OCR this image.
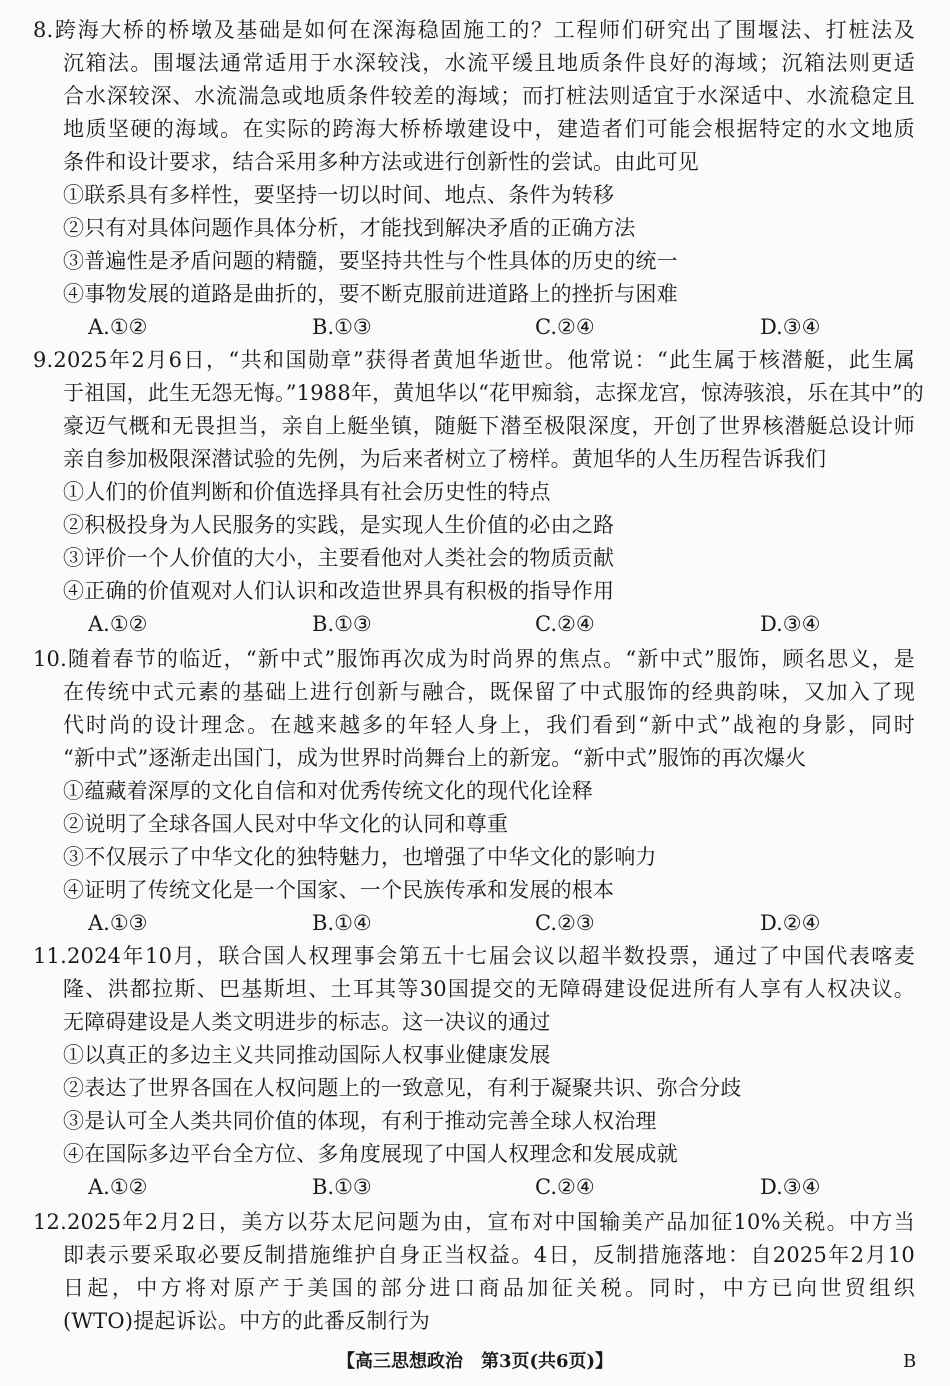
8.跨海大桥的桥墩及基础是如何在深海稳固施工的？工程师们研究出了围堰法、打桩法及
沉箱法。围堰法通常适用于水深较浅，水流平缓且地质条件良好的海域；沉箱法则更适
合水深较深、水流湍急或地质条件较差的海域；而打桩法则适宜于水深适中、水流稳定且
地质坚硬的海域。在实际的跨海大桥桥墩建设中，建造者们可能会根据特定的水文地质
条件和设计要求，结合采用多种方法或进行创新性的尝试。由此可见
①联系具有多样性，要坚持一切以时间、地点、条件为转移
②只有对具体问题作具体分析，才能找到解决矛盾的正确方法
③普遍性是矛盾问题的精髓，要坚持共性与个性具体的历史的统一
④事物发展的道路是曲折的，要不断克服前进道路上的挫折与困难
A.①②	B.①③	C.②④	D.③④
9.2025年2月6日，“共和国勋章”获得者黄旭华逝世。他常说：“此生属于核潜艇，此生属
于祖国，此生无怨无悔。”1988年，黄旭华以“花甲痴翁，志探龙宫，惊涛骇浪，乐在其中”的
豪迈气概和无畏担当，亲自上艇坐镇，随艇下潜至极限深度，开创了世界核潜艇总设计师
亲自参加极限深潜试验的先例，为后来者树立了榜样。黄旭华的人生历程告诉我们
①人们的价值判断和价值选择具有社会历史性的特点
②积极投身为人民服务的实践，是实现人生价值的必由之路
③评价一个人价值的大小，主要看他对人类社会的物质贡献
④正确的价值观对人们认识和改造世界具有积极的指导作用
A.①②	B.①③	C.②④	D.③④
10.随着春节的临近，“新中式”服饰再次成为时尚界的焦点。“新中式”服饰，顾名思义，是
在传统中式元素的基础上进行创新与融合，既保留了中式服饰的经典韵味，又加入了现
代时尚的设计理念。在越来越多的年轻人身上，我们看到“新中式”战袍的身影，同时
“新中式”逐渐走出国门，成为世界时尚舞台上的新宠。“新中式”服饰的再次爆火
①蕴藏着深厚的文化自信和对优秀传统文化的现代化诠释
②说明了全球各国人民对中华文化的认同和尊重
③不仅展示了中华文化的独特魅力，也增强了中华文化的影响力
④证明了传统文化是一个国家、一个民族传承和发展的根本
A.①③	B.①④	C.②③	D.②④
11.2024年10月，联合国人权理事会第五十七届会议以超半数投票，通过了中国代表喀麦
隆、洪都拉斯、巴基斯坦、土耳其等30国提交的无障碍建设促进所有人享有人权决议。
无障碍建设是人类文明进步的标志。这一决议的通过
①以真正的多边主义共同推动国际人权事业健康发展
②表达了世界各国在人权问题上的一致意见，有利于凝聚共识、弥合分歧
③是认可全人类共同价值的体现，有利于推动完善全球人权治理
④在国际多边平台全方位、多角度展现了中国人权理念和发展成就
A.①②	B.①③	C.②④	D.③④
12.2025年2月2日，美方以芬太尼问题为由，宣布对中国输美产品加征10%关税。中方当
即表示要采取必要反制措施维护自身正当权益。4日，反制措施落地：自2025年2月10
日起，中方将对原产于美国的部分进口商品加征关税。同时，中方已向世贸组织
(WTO)提起诉讼。中方的此番反制行为
【高三思想政治　第3页(共6页)】	B
